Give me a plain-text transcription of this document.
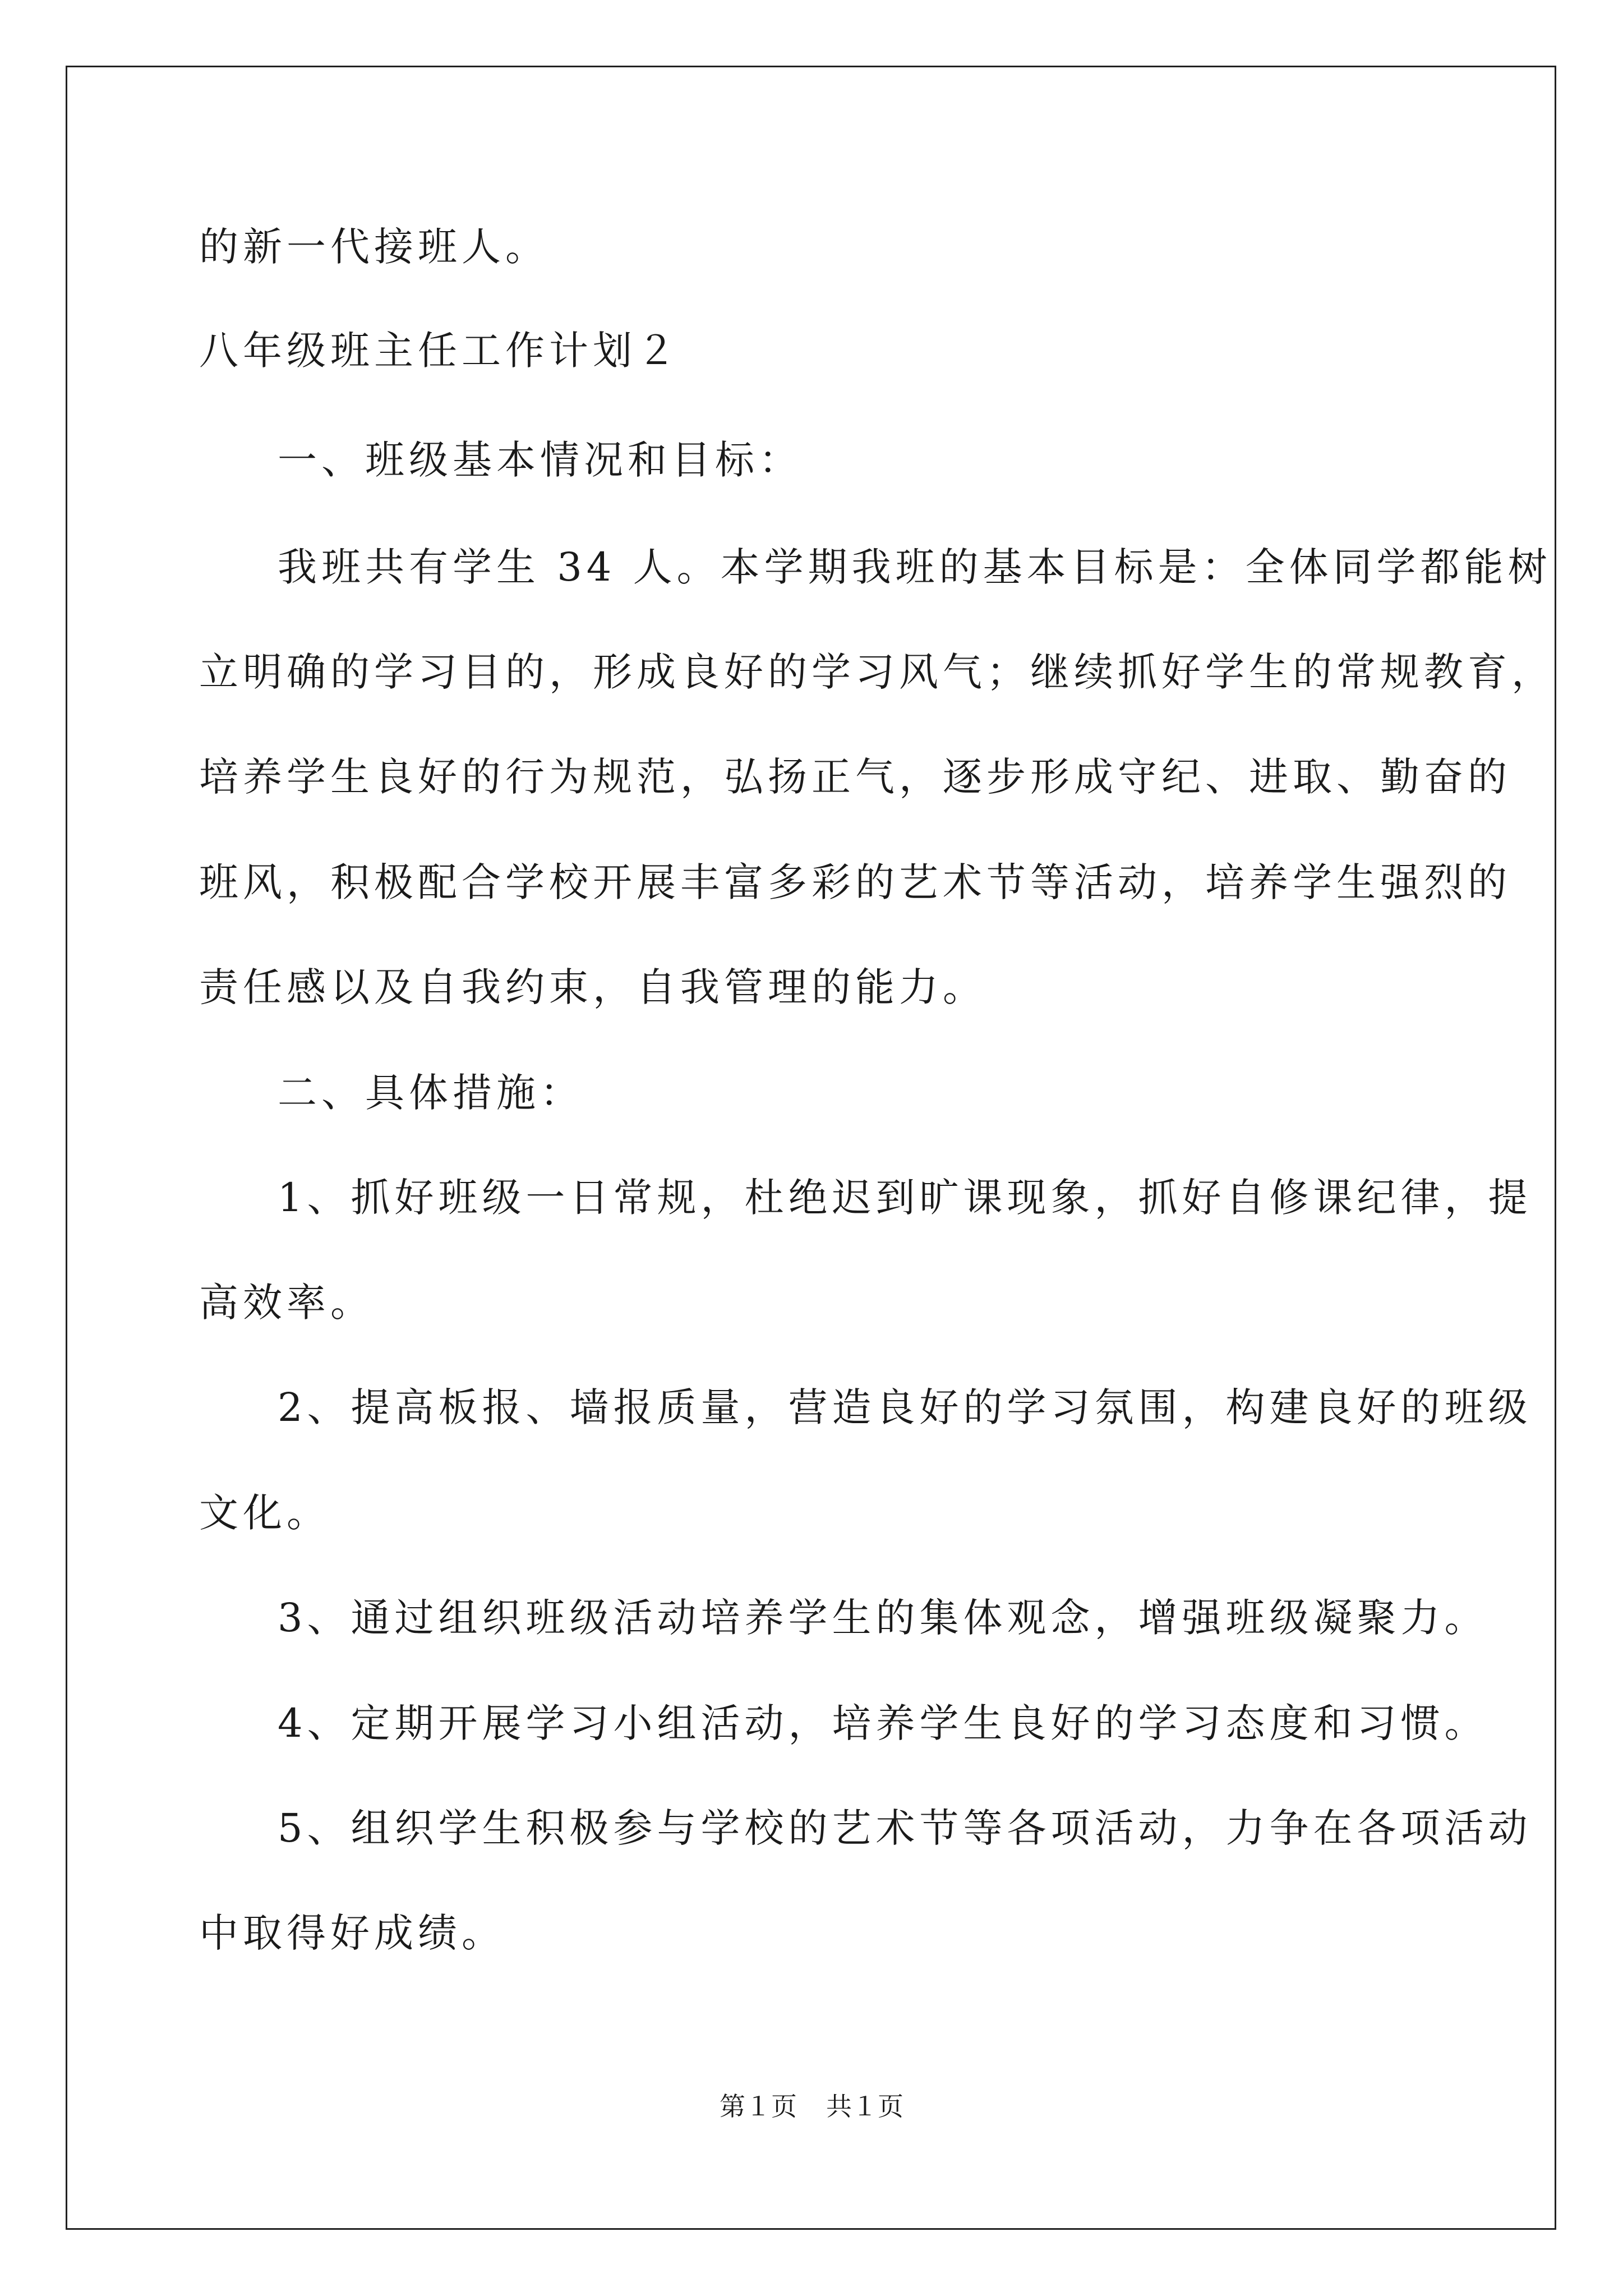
的新一代接班人。

八年级班主任工作计划２

一、班级基本情况和目标：

我班共有学生 34 人。本学期我班的基本目标是：全体同学都能树

立明确的学习目的，形成良好的学习风气；继续抓好学生的常规教育，

培养学生良好的行为规范，弘扬正气，逐步形成守纪、进取、勤奋的

班风，积极配合学校开展丰富多彩的艺术节等活动，培养学生强烈的

责任感以及自我约束，自我管理的能力。

二、具体措施：

1、抓好班级一日常规，杜绝迟到旷课现象，抓好自修课纪律，提

高效率。

2、提高板报、墙报质量，营造良好的学习氛围，构建良好的班级

文化。

3、通过组织班级活动培养学生的集体观念，增强班级凝聚力。

4、定期开展学习小组活动，培养学生良好的学习态度和习惯。

5、组织学生积极参与学校的艺术节等各项活动，力争在各项活动

中取得好成绩。

第１页 共１页
